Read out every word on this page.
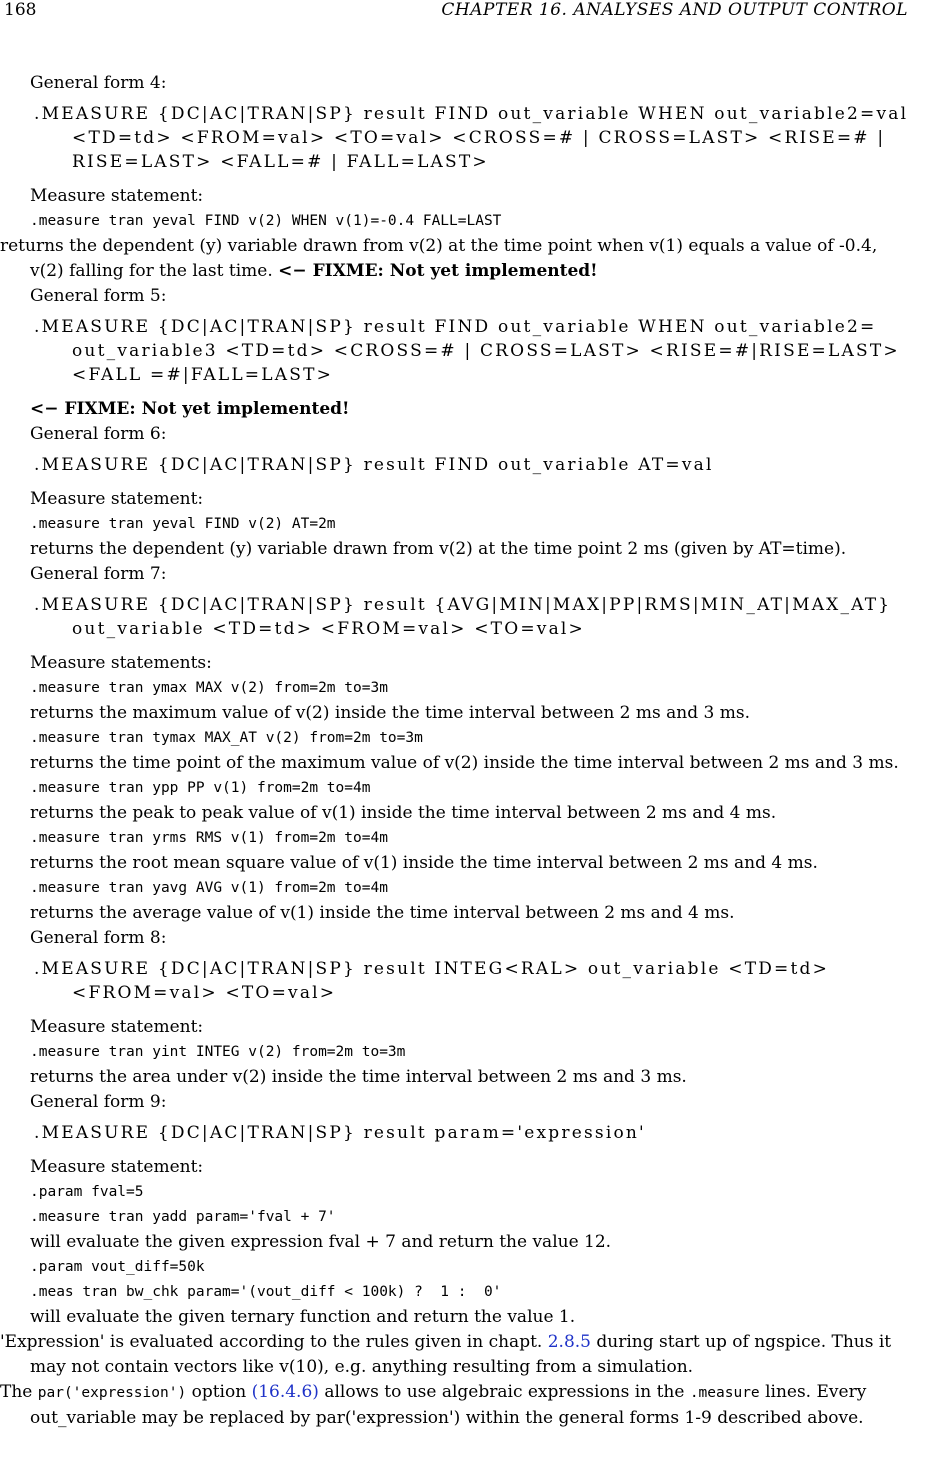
168	CHAPTER 16. ANALYSES AND OUTPUT CONTROL
General form 4:
.MEASURE {DC|AC|TRAN|SP} result FIND out_variable WHEN out_variable2=val <TD=td> <FROM=val> <TO=val> <CROSS=# | CROSS=LAST> <RISE=# | RISE=LAST> <FALL=# | FALL=LAST>
Measure statement:
.measure tran yeval FIND v(2) WHEN v(1)=-0.4 FALL=LAST
returns the dependent (y) variable drawn from v(2) at the time point when v(1) equals a value of -0.4, v(2) falling for the last time. <− FIXME: Not yet implemented!
General form 5:
.MEASURE {DC|AC|TRAN|SP} result FIND out_variable WHEN out_variable2= out_variable3 <TD=td> <CROSS=# | CROSS=LAST> <RISE=#|RISE=LAST> <FALL =#|FALL=LAST>
<− FIXME: Not yet implemented!
General form 6:
.MEASURE {DC|AC|TRAN|SP} result FIND out_variable AT=val
Measure statement:
.measure tran yeval FIND v(2) AT=2m
returns the dependent (y) variable drawn from v(2) at the time point 2 ms (given by AT=time).
General form 7:
.MEASURE {DC|AC|TRAN|SP} result {AVG|MIN|MAX|PP|RMS|MIN_AT|MAX_AT} out_variable <TD=td> <FROM=val> <TO=val>
Measure statements:
.measure tran ymax MAX v(2) from=2m to=3m
returns the maximum value of v(2) inside the time interval between 2 ms and 3 ms.
.measure tran tymax MAX_AT v(2) from=2m to=3m
returns the time point of the maximum value of v(2) inside the time interval between 2 ms and 3 ms.
.measure tran ypp PP v(1) from=2m to=4m
returns the peak to peak value of v(1) inside the time interval between 2 ms and 4 ms.
.measure tran yrms RMS v(1) from=2m to=4m
returns the root mean square value of v(1) inside the time interval between 2 ms and 4 ms.
.measure tran yavg AVG v(1) from=2m to=4m
returns the average value of v(1) inside the time interval between 2 ms and 4 ms.
General form 8:
.MEASURE {DC|AC|TRAN|SP} result INTEG<RAL> out_variable <TD=td> <FROM=val> <TO=val>
Measure statement:
.measure tran yint INTEG v(2) from=2m to=3m
returns the area under v(2) inside the time interval between 2 ms and 3 ms.
General form 9:
.MEASURE {DC|AC|TRAN|SP} result param='expression'
Measure statement:
.param fval=5
.measure tran yadd param='fval + 7'
will evaluate the given expression fval + 7 and return the value 12.
.param vout_diff=50k
.meas tran bw_chk param='(vout_diff < 100k) ?  1 :  0'
will evaluate the given ternary function and return the value 1.
'Expression' is evaluated according to the rules given in chapt. 2.8.5 during start up of ngspice. Thus it may not contain vectors like v(10), e.g. anything resulting from a simulation.
The par('expression') option (16.4.6) allows to use algebraic expressions in the .measure lines. Every out_variable may be replaced by par('expression') within the general forms 1-9 described above.
